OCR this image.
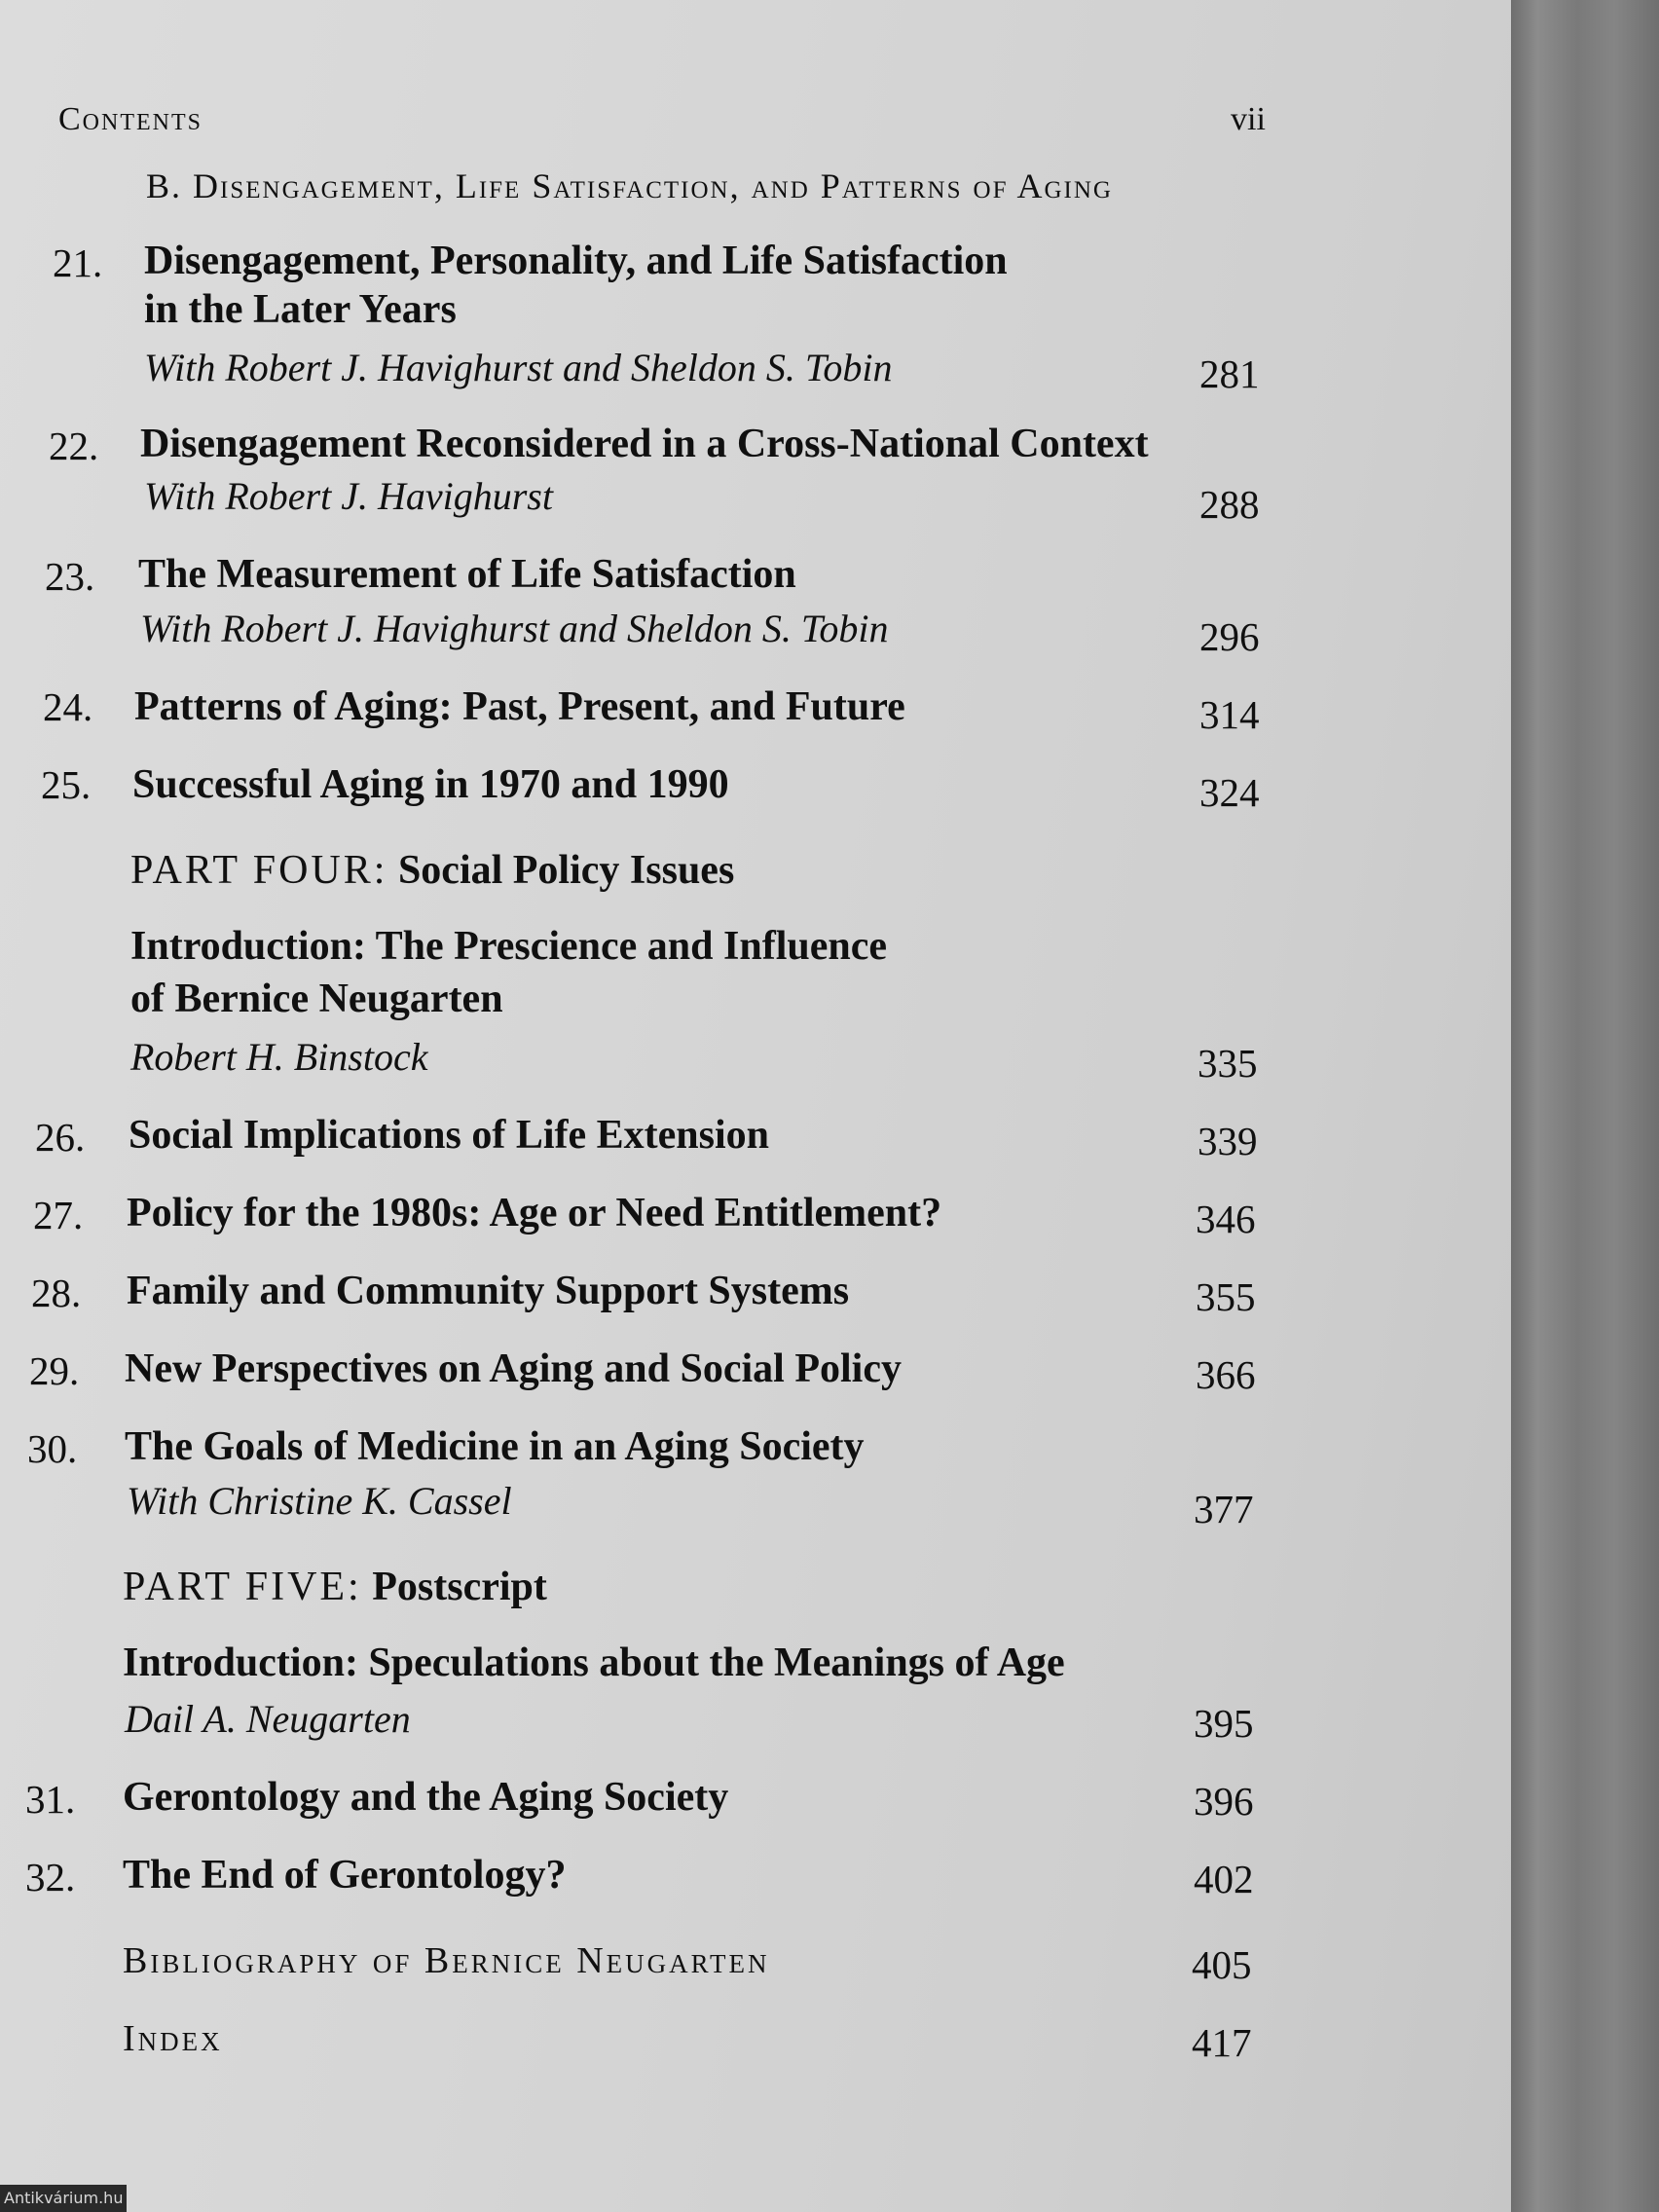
Contents	vii
B. Disengagement, Life Satisfaction, and Patterns of Aging
21. Disengagement, Personality, and Life Satisfaction
in the Later Years
With Robert J. Havighurst and Sheldon S. Tobin	281
22. Disengagement Reconsidered in a Cross-National Context
With Robert J. Havighurst	288
23. The Measurement of Life Satisfaction
With Robert J. Havighurst and Sheldon S. Tobin	296
24. Patterns of Aging: Past, Present, and Future	314
25. Successful Aging in 1970 and 1990	324
PART FOUR: Social Policy Issues
Introduction: The Prescience and Influence
of Bernice Neugarten
Robert H. Binstock	335
26. Social Implications of Life Extension	339
27. Policy for the 1980s: Age or Need Entitlement?	346
28. Family and Community Support Systems	355
29. New Perspectives on Aging and Social Policy	366
30. The Goals of Medicine in an Aging Society
With Christine K. Cassel	377
PART FIVE: Postscript
Introduction: Speculations about the Meanings of Age
Dail A. Neugarten	395
31. Gerontology and the Aging Society	396
32. The End of Gerontology?	402
Bibliography of Bernice Neugarten	405
Index	417
Antikvárium.hu
